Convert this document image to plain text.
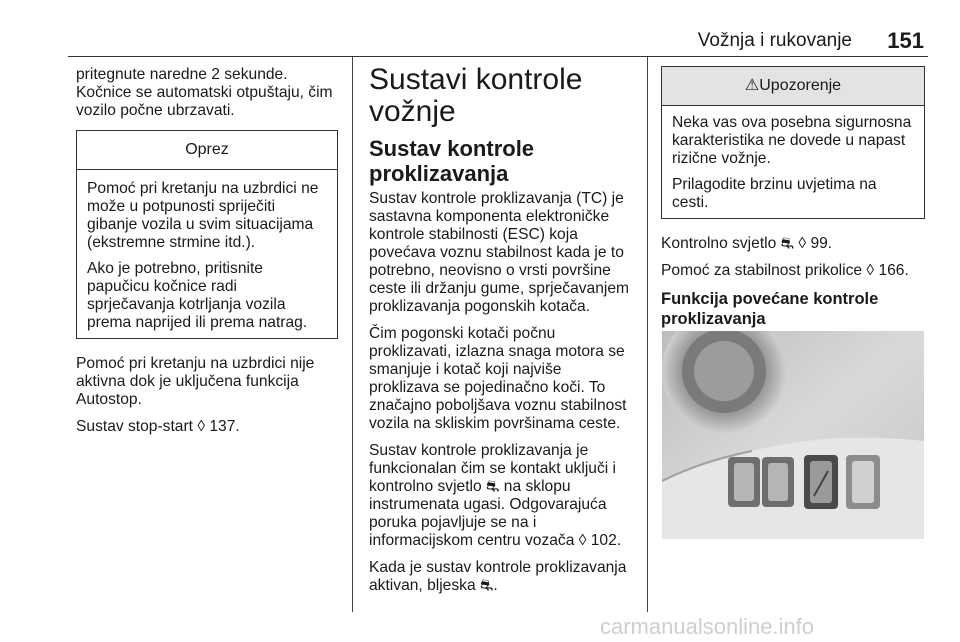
Vožnja i rukovanje 151

pritegnute naredne 2 sekunde.

Kočnice se automatski otpuštaju, čim vozilo počne ubrzavati.

Oprez

Pomoć pri kretanju na uzbrdici ne može u potpunosti spriječiti gibanje vozila u svim situacijama (ekstremne strmine itd.).

Ako je potrebno, pritisnite papučicu kočnice radi sprječavanja kotrljanja vozila prema naprijed ili prema natrag.

Pomoć pri kretanju na uzbrdici nije aktivna dok je uključena funkcija Autostop.

Sustav stop-start ◊ 137.

Sustavi kontrole vožnje
Sustav kontrole proklizavanja

Sustav kontrole proklizavanja (TC) je sastavna komponenta elektroničke kontrole stabilnosti (ESC) koja povećava voznu stabilnost kada je to potrebno, neovisno o vrsti površine ceste ili držanju gume, sprječavanjem proklizavanja pogonskih kotača.

Čim pogonski kotači počnu proklizavati, izlazna snaga motora se smanjuje i kotač koji najviše proklizava se pojedinačno koči. To značajno poboljšava voznu stabilnost vozila na skliskim površinama ceste.

Sustav kontrole proklizavanja je funkcionalan čim se kontakt uključi i kontrolno svjetlo ⛐ na sklopu instrumenata ugasi. Odgovarajuća poruka pojavljuje se na i informacijskom centru vozača ◊ 102.

Kada je sustav kontrole proklizavanja aktivan, bljeska ⛐.

⚠Upozorenje

Neka vas ova posebna sigurnosna karakteristika ne dovede u napast rizične vožnje.

Prilagodite brzinu uvjetima na cesti.

Kontrolno svjetlo ⛐ ◊ 99.

Pomoć za stabilnost prikolice ◊ 166.

Funkcija povećane kontrole proklizavanja
carmanualsonline.info
